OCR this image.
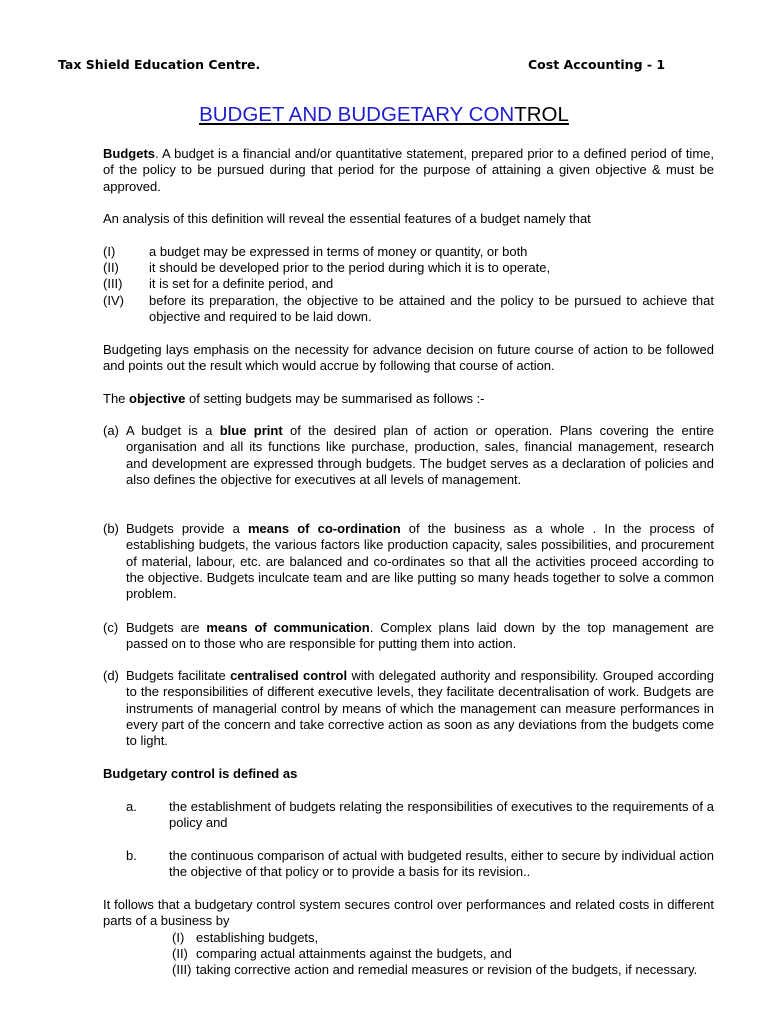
Tax Shield Education Centre.	Cost Accounting - 1
BUDGET AND BUDGETARY CONTROL
Budgets. A budget is a financial and/or quantitative statement, prepared prior to a defined period of time, of the policy to be pursued during that period for the purpose of attaining a given objective & must be approved.
An analysis of this definition will reveal the essential features of a budget namely that
(I)	a budget may be expressed in terms of money or quantity, or both
(II) it should be developed prior to the period during which it is to operate,
(III) it is set for a definite period, and
(IV) before its preparation, the objective to be attained and the policy to be pursued to achieve that objective and required to be laid down.
Budgeting lays emphasis on the necessity for advance decision on future course of action to be followed and points out the result which would accrue by following that course of action.
The objective of setting budgets may be summarised as follows :-
(a) A budget is a blue print of the desired plan of action or operation. Plans covering the entire organisation and all its functions like purchase, production, sales, financial management, research and development are expressed through budgets. The budget serves as a declaration of policies and also defines the objective for executives at all levels of management.
(b) Budgets provide a means of co-ordination of the business as a whole . In the process of establishing budgets, the various factors like production capacity, sales possibilities, and procurement of material, labour, etc. are balanced and co-ordinates so that all the activities proceed according to the objective. Budgets inculcate team and are like putting so many heads together to solve a common problem.
(c) Budgets are means of communication. Complex plans laid down by the top management are passed on to those who are responsible for putting them into action.
(d) Budgets facilitate centralised control with delegated authority and responsibility. Grouped according to the responsibilities of different executive levels, they facilitate decentralisation of work. Budgets are instruments of managerial control by means of which the management can measure performances in every part of the concern and take corrective action as soon as any deviations from the budgets come to light.
Budgetary control is defined as
a. the establishment of budgets relating the responsibilities of executives to the requirements of a policy and
b. the continuous comparison of actual with budgeted results, either to secure by individual action the objective of that policy or to provide a basis for its revision..
It follows that a budgetary control system secures control over performances and related costs in different parts of a business by
(I) establishing budgets,
(II) comparing actual attainments against the budgets, and
(III) taking corrective action and remedial measures or revision of the budgets, if necessary.
